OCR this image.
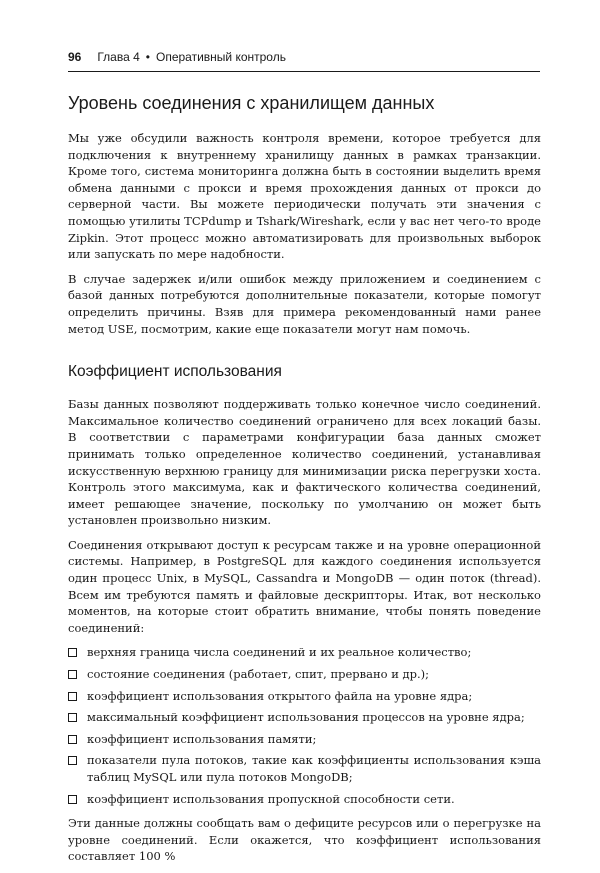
96 Глава 4 • Оперативный контроль
Уровень соединения с хранилищем данных

Мы уже обсудили важность контроля времени, которое требуется для подключения к внутреннему хранилищу данных в рамках транзакции. Кроме того, система мониторинга должна быть в состоянии выделить время обмена данными с прокси и время прохождения данных от прокси до серверной части. Вы можете периодически получать эти значения с помощью утилиты TCPdump и Tshark/Wireshark, если у вас нет чего-то вроде Zipkin. Этот процесс можно автоматизировать для произвольных выборок или запускать по мере надобности.

В случае задержек и/или ошибок между приложением и соединением с базой данных потребуются дополнительные показатели, которые помогут определить причины. Взяв для примера рекомендованный нами ранее метод USE, посмотрим, какие еще показатели могут нам помочь.

Коэффициент использования

Базы данных позволяют поддерживать только конечное число соединений. Максимальное количество соединений ограничено для всех локаций базы. В соответствии с параметрами конфигурации база данных сможет принимать только определенное количество соединений, устанавливая искусственную верхнюю границу для минимизации риска перегрузки хоста. Контроль этого максимума, как и фактического количества соединений, имеет решающее значение, поскольку по умолчанию он может быть установлен произвольно низким.

Соединения открывают доступ к ресурсам также и на уровне операционной системы. Например, в PostgreSQL для каждого соединения используется один процесс Unix, в MySQL, Cassandra и MongoDB — один поток (thread). Всем им требуются память и файловые дескрипторы. Итак, вот несколько моментов, на которые стоит обратить внимание, чтобы понять поведение соединений:

верхняя граница числа соединений и их реальное количество;
состояние соединения (работает, спит, прервано и др.);
коэффициент использования открытого файла на уровне ядра;
максимальный коэффициент использования процессов на уровне ядра;
коэффициент использования памяти;
показатели пула потоков, такие как коэффициенты использования кэша таблиц MySQL или пула потоков MongoDB;
коэффициент использования пропускной способности сети.

Эти данные должны сообщать вам о дефиците ресурсов или о перегрузке на уровне соединений. Если окажется, что коэффициент использования составляет 100 %
